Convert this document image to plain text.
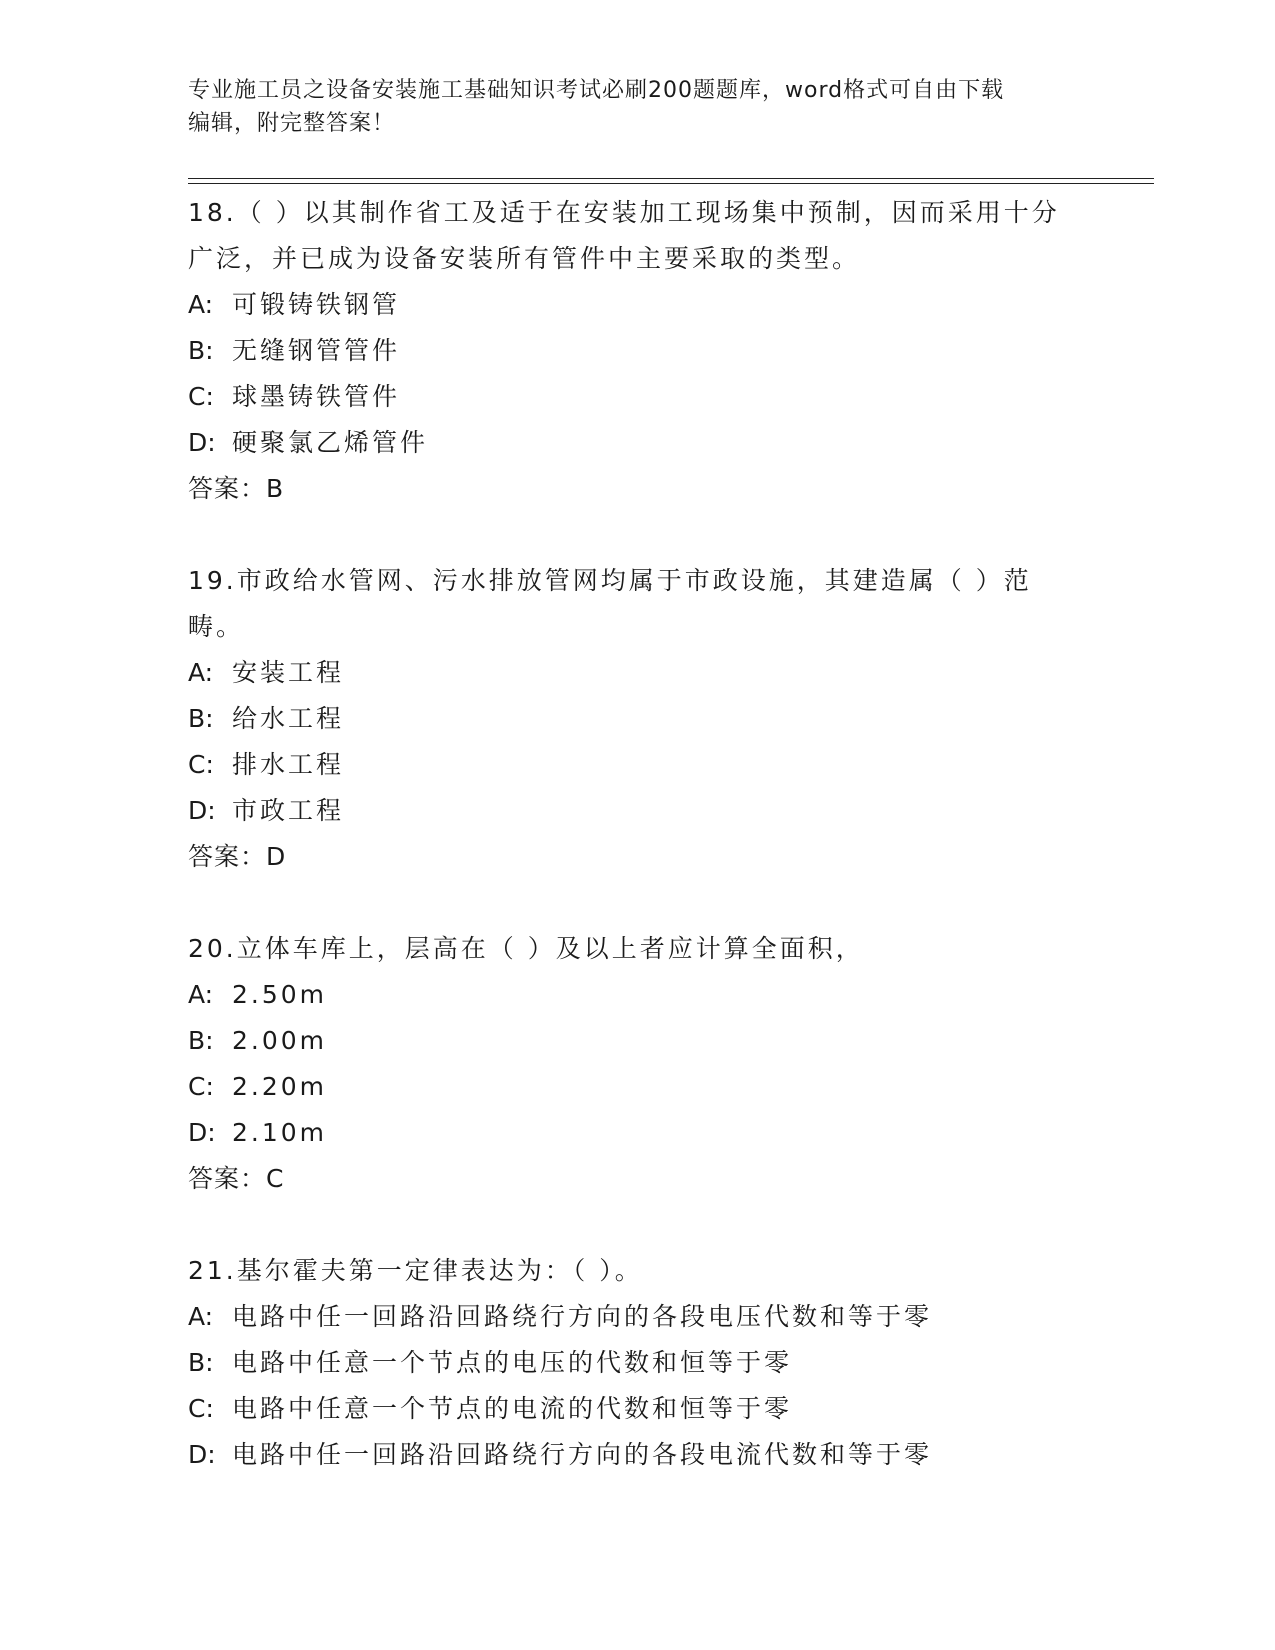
专业施工员之设备安装施工基础知识考试必刷200题题库，word格式可自由下载
编辑，附完整答案！

18.（ ）以其制作省工及适于在安装加工现场集中预制，因而采用十分广泛，并已成为设备安装所有管件中主要采取的类型。

A: 可锻铸铁钢管

B: 无缝钢管管件

C: 球墨铸铁管件

D: 硬聚氯乙烯管件

答案：B

19.市政给水管网、污水排放管网均属于市政设施，其建造属（ ）范畴。

A: 安装工程

B: 给水工程

C: 排水工程

D: 市政工程

答案：D

20.立体车库上，层高在（ ）及以上者应计算全面积，

A: 2.50m

B: 2.00m

C: 2.20m

D: 2.10m

答案：C

21.基尔霍夫第一定律表达为：（ ）。

A: 电路中任一回路沿回路绕行方向的各段电压代数和等于零

B: 电路中任意一个节点的电压的代数和恒等于零

C: 电路中任意一个节点的电流的代数和恒等于零

D: 电路中任一回路沿回路绕行方向的各段电流代数和等于零
